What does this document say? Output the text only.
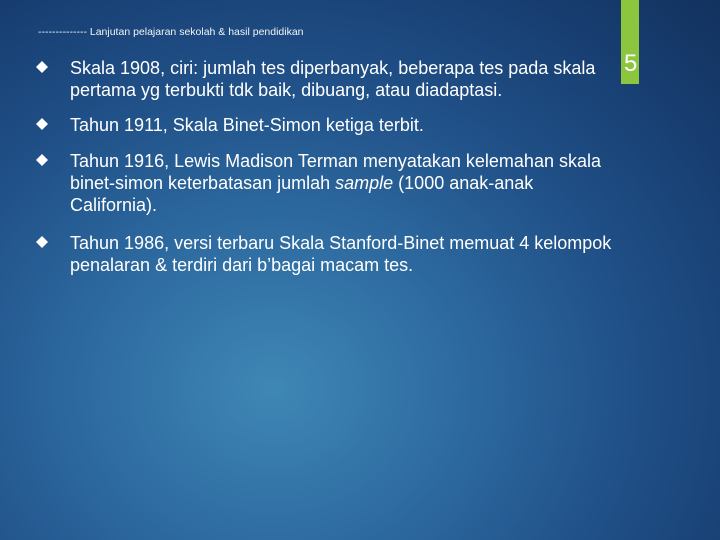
-------------- Lanjutan pelajaran sekolah & hasil pendidikan
5
Skala 1908, ciri: jumlah tes diperbanyak, beberapa tes pada skala
pertama yg terbukti tdk baik, dibuang, atau diadaptasi.
Tahun 1911, Skala Binet-Simon ketiga terbit.
Tahun 1916, Lewis Madison Terman menyatakan kelemahan skala
binet-simon keterbatasan jumlah sample (1000 anak-anak
California).
Tahun 1986, versi terbaru Skala Stanford-Binet memuat 4 kelompok
penalaran & terdiri dari b’bagai macam tes.
